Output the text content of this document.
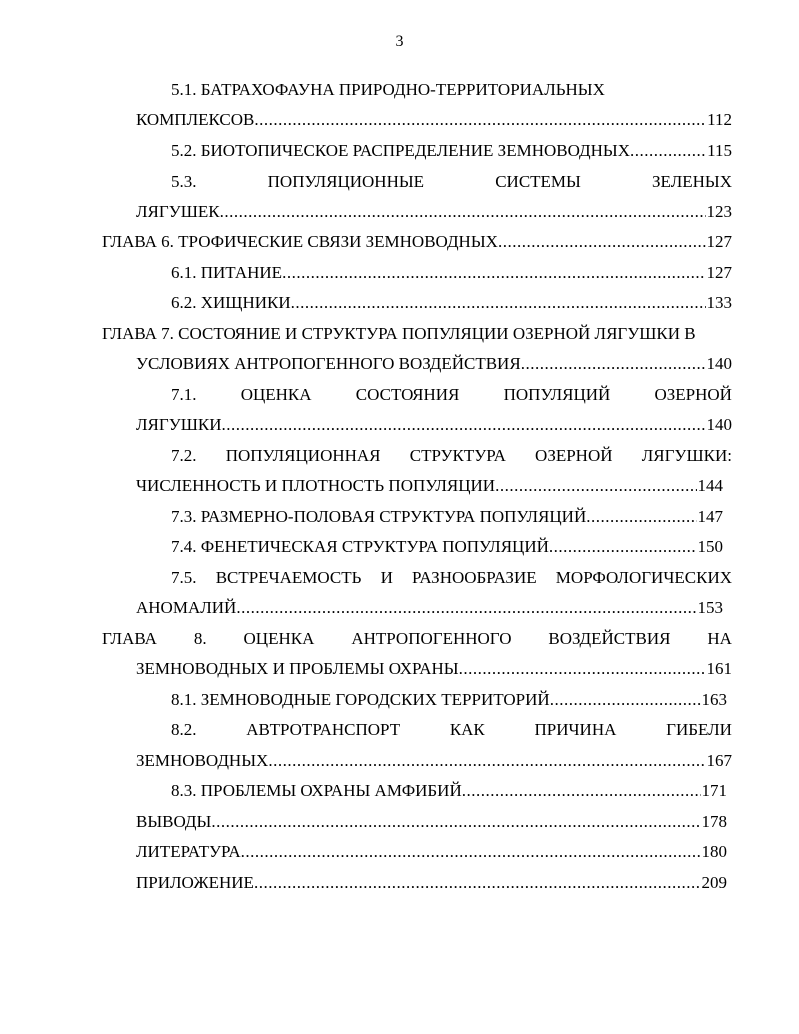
3
5.1. БАТРАХОФАУНА ПРИРОДНО-ТЕРРИТОРИАЛЬНЫХ
КОМПЛЕКСОВ .....	112
5.2. БИОТОПИЧЕСКОЕ РАСПРЕДЕЛЕНИЕ ЗЕМНОВОДНЫХ .....	115
5.3.	ПОПУЛЯЦИОННЫЕ	СИСТЕМЫ	ЗЕЛЕНЫХ
ЛЯГУШЕК .....	123
ГЛАВА 6. ТРОФИЧЕСКИЕ СВЯЗИ ЗЕМНОВОДНЫХ .....	127
6.1. ПИТАНИЕ .....	127
6.2. ХИЩНИКИ .....	133
ГЛАВА 7. СОСТОЯНИЕ И СТРУКТУРА ПОПУЛЯЦИИ ОЗЕРНОЙ ЛЯГУШКИ В
УСЛОВИЯХ АНТРОПОГЕННОГО ВОЗДЕЙСТВИЯ .....	140
7.1.	ОЦЕНКА	СОСТОЯНИЯ	ПОПУЛЯЦИЙ	ОЗЕРНОЙ
ЛЯГУШКИ .....	140
7.2. ПОПУЛЯЦИОННАЯ СТРУКТУРА ОЗЕРНОЙ ЛЯГУШКИ:
ЧИСЛЕННОСТЬ И ПЛОТНОСТЬ ПОПУЛЯЦИИ .....	144
7.3. РАЗМЕРНО-ПОЛОВАЯ СТРУКТУРА ПОПУЛЯЦИЙ .....	147
7.4. ФЕНЕТИЧЕСКАЯ СТРУКТУРА ПОПУЛЯЦИЙ .....	150
7.5. ВСТРЕЧАЕМОСТЬ И РАЗНООБРАЗИЕ МОРФОЛОГИЧЕСКИХ
АНОМАЛИЙ .....	153
ГЛАВА 8. ОЦЕНКА АНТРОПОГЕННОГО ВОЗДЕЙСТВИЯ НА
ЗЕМНОВОДНЫХ И ПРОБЛЕМЫ ОХРАНЫ .....	161
8.1. ЗЕМНОВОДНЫЕ ГОРОДСКИХ ТЕРРИТОРИЙ .....	163
8.2.	АВТРОТРАНСПОРТ	КАК	ПРИЧИНА	ГИБЕЛИ
ЗЕМНОВОДНЫХ .....	167
8.3. ПРОБЛЕМЫ ОХРАНЫ АМФИБИЙ .....	171
ВЫВОДЫ .....	178
ЛИТЕРАТУРА .....	180
ПРИЛОЖЕНИЕ .....	209
